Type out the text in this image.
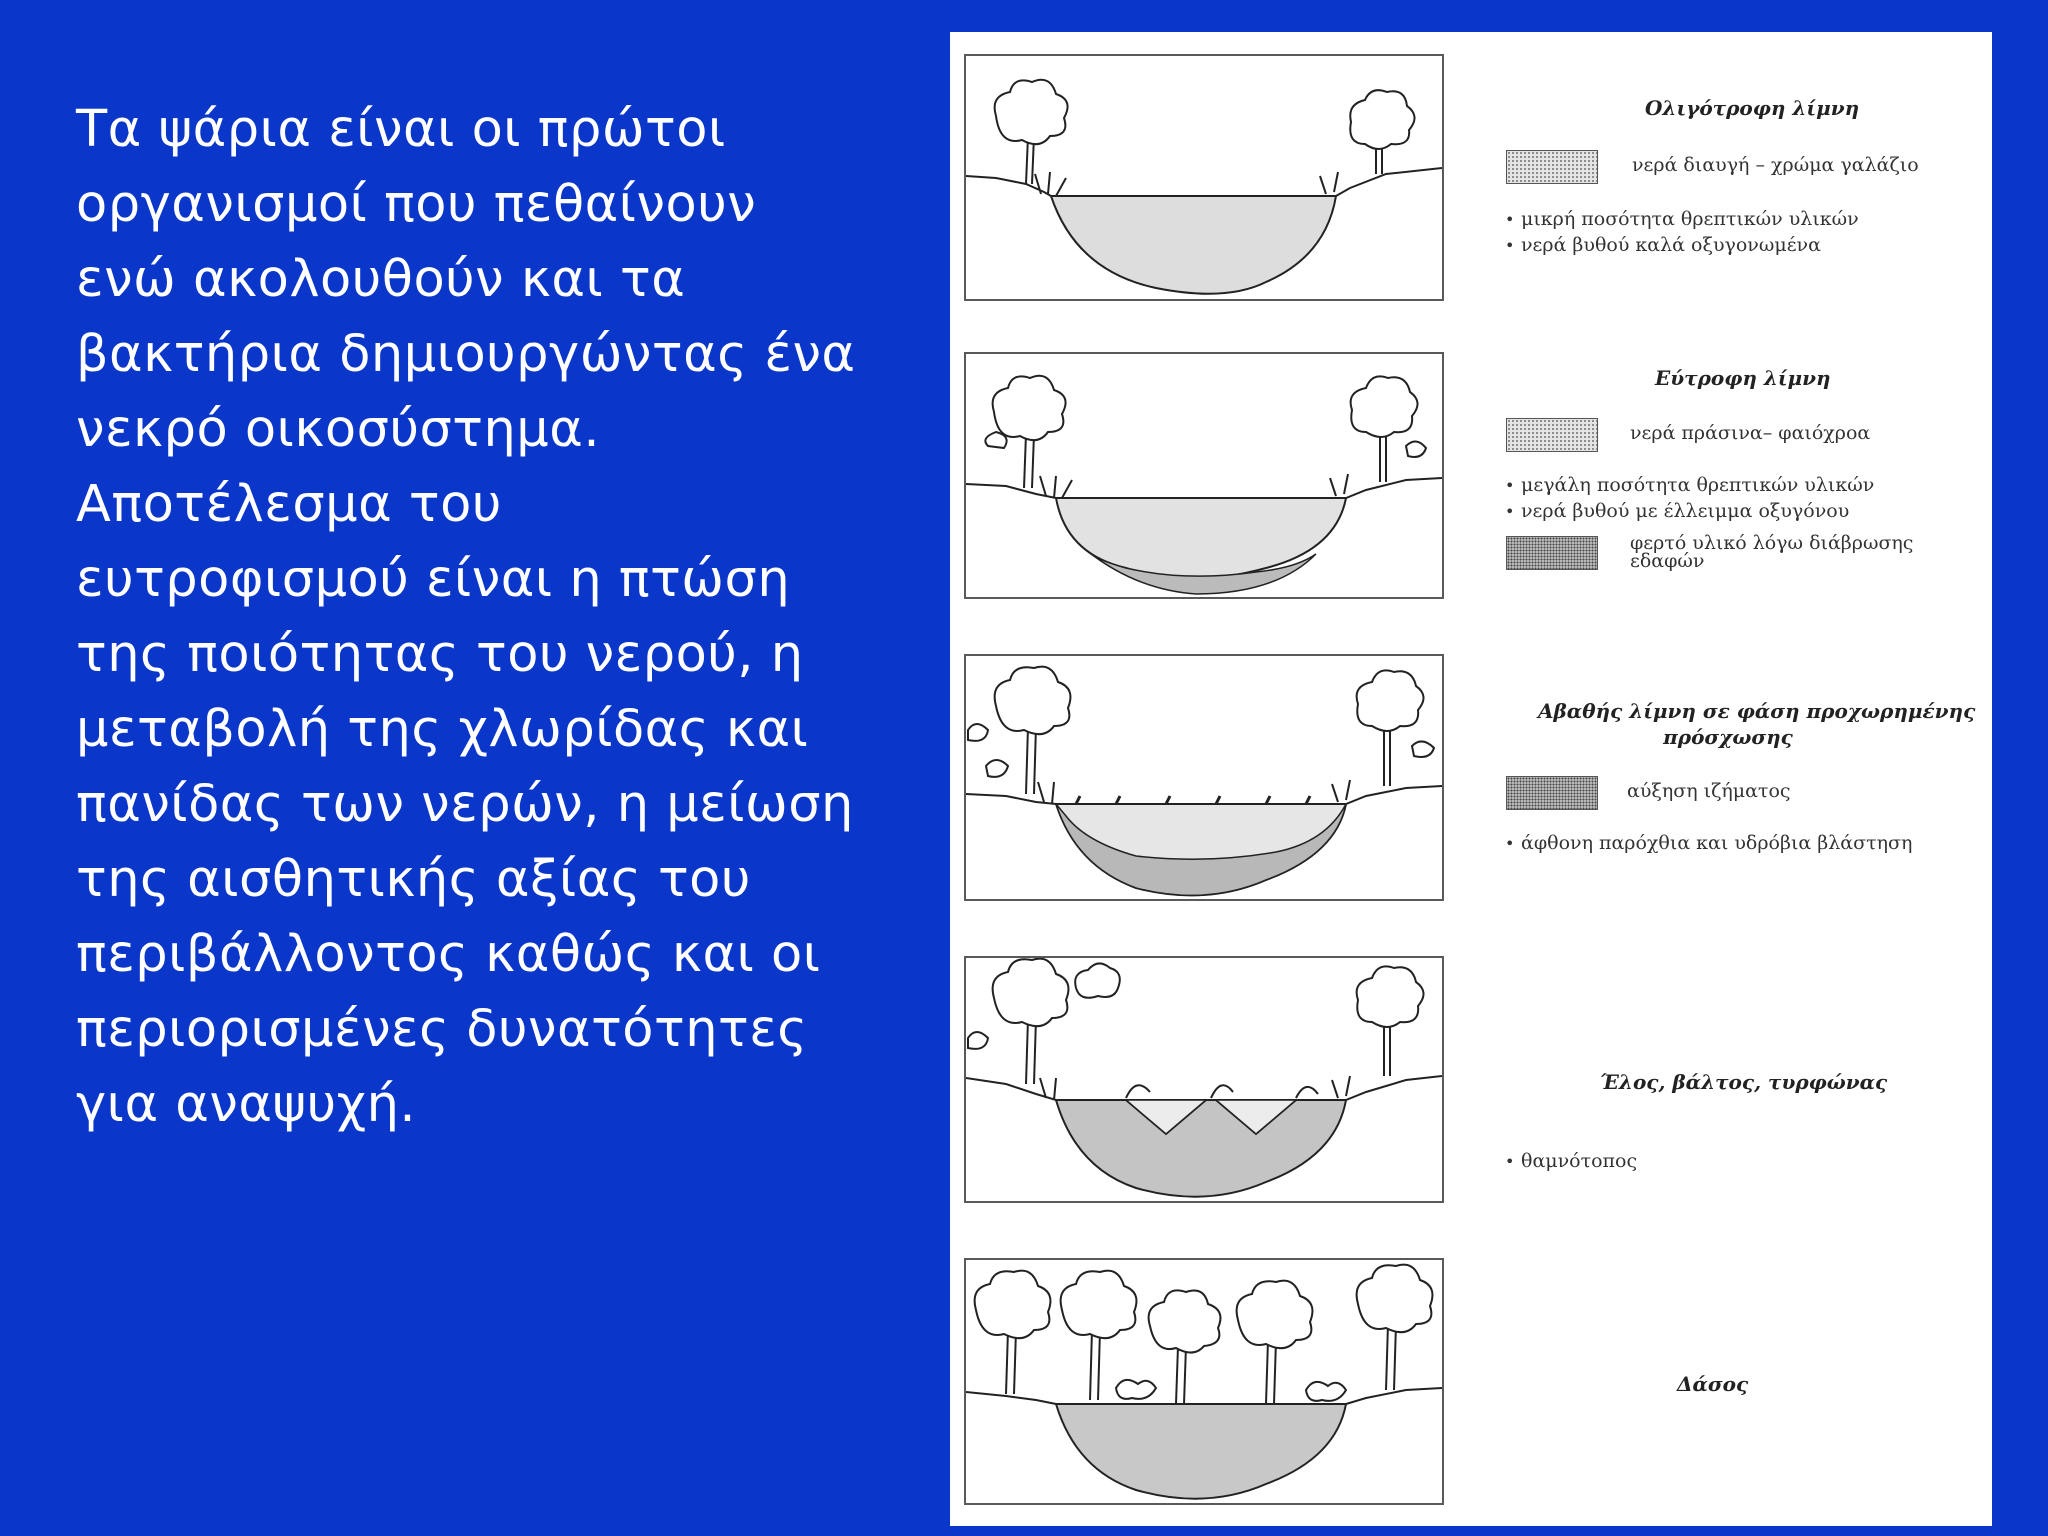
Τα ψάρια είναι οι πρώτοι
οργανισμοί που πεθαίνουν
ενώ ακολουθούν και τα
βακτήρια δημιουργώντας ένα
νεκρό οικοσύστημα.
Αποτέλεσμα του
ευτροφισμού είναι η πτώση
της ποιότητας του νερού, η
μεταβολή της χλωρίδας και
πανίδας των νερών, η μείωση
της αισθητικής αξίας του
περιβάλλοντος καθώς και οι
περιορισμένες δυνατότητες
για αναψυχή.
Ολιγότροφη λίμνη
νερά διαυγή – χρώμα γαλάζιο
• μικρή ποσότητα θρεπτικών υλικών
• νερά βυθού καλά οξυγονωμένα
Εύτροφη λίμνη
νερά πράσινα– φαιόχροα
• μεγάλη ποσότητα θρεπτικών υλικών
• νερά βυθού με έλλειμμα οξυγόνου
φερτό υλικό λόγω διάβρωσης
εδαφών
Αβαθής λίμνη σε φάση προχωρημένης
πρόσχωσης
αύξηση ιζήματος
• άφθονη παρόχθια και υδρόβια βλάστηση
Έλος, βάλτος, τυρφώνας
• θαμνότοπος
Δάσος
